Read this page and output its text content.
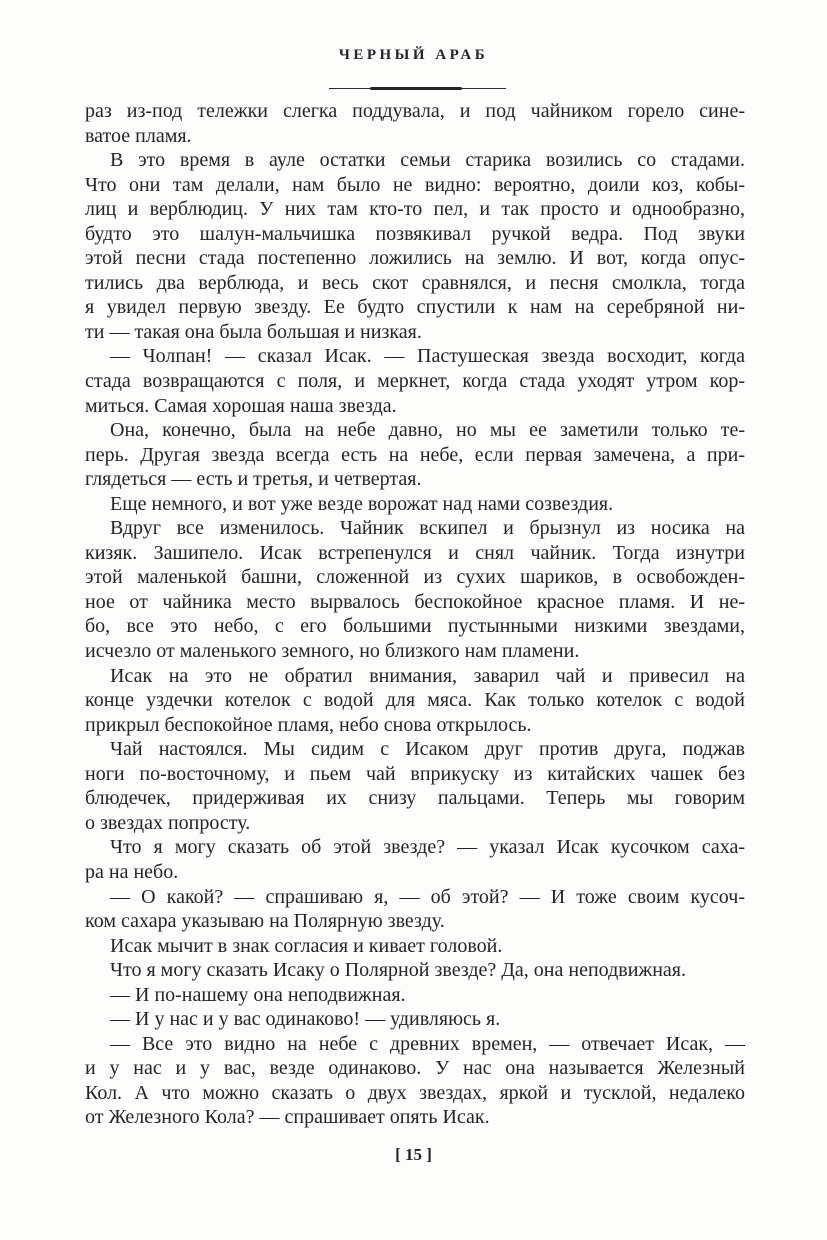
ЧЕРНЫЙ АРАБ
раз из-под тележки слегка поддувала, и под чайником горело сине-
ватое пламя.
В это время в ауле остатки семьи старика возились со стадами.
Что они там делали, нам было не видно: вероятно, доили коз, кобы-
лиц и верблюдиц. У них там кто-то пел, и так просто и однообразно,
будто это шалун-мальчишка позвякивал ручкой ведра. Под звуки
этой песни стада постепенно ложились на землю. И вот, когда опус-
тились два верблюда, и весь скот сравнялся, и песня смолкла, тогда
я увидел первую звезду. Ее будто спустили к нам на серебряной ни-
ти — такая она была большая и низкая.
— Чолпан! — сказал Исак. — Пастушеская звезда восходит, когда
стада возвращаются с поля, и меркнет, когда стада уходят утром кор-
миться. Самая хорошая наша звезда.
Она, конечно, была на небе давно, но мы ее заметили только те-
перь. Другая звезда всегда есть на небе, если первая замечена, а при-
глядеться — есть и третья, и четвертая.
Еще немного, и вот уже везде ворожат над нами созвездия.
Вдруг все изменилось. Чайник вскипел и брызнул из носика на
кизяк. Зашипело. Исак встрепенулся и снял чайник. Тогда изнутри
этой маленькой башни, сложенной из сухих шариков, в освобожден-
ное от чайника место вырвалось беспокойное красное пламя. И не-
бо, все это небо, с его большими пустынными низкими звездами,
исчезло от маленького земного, но близкого нам пламени.
Исак на это не обратил внимания, заварил чай и привесил на
конце уздечки котелок с водой для мяса. Как только котелок с водой
прикрыл беспокойное пламя, небо снова открылось.
Чай настоялся. Мы сидим с Исаком друг против друга, поджав
ноги по-восточному, и пьем чай вприкуску из китайских чашек без
блюдечек, придерживая их снизу пальцами. Теперь мы говорим
о звездах попросту.
Что я могу сказать об этой звезде? — указал Исак кусочком саха-
ра на небо.
— О какой? — спрашиваю я, — об этой? — И тоже своим кусоч-
ком сахара указываю на Полярную звезду.
Исак мычит в знак согласия и кивает головой.
Что я могу сказать Исаку о Полярной звезде? Да, она неподвижная.
— И по-нашему она неподвижная.
— И у нас и у вас одинаково! — удивляюсь я.
— Все это видно на небе с древних времен, — отвечает Исак, —
и у нас и у вас, везде одинаково. У нас она называется Железный
Кол. А что можно сказать о двух звездах, яркой и тусклой, недалеко
от Железного Кола? — спрашивает опять Исак.
[ 15 ]
